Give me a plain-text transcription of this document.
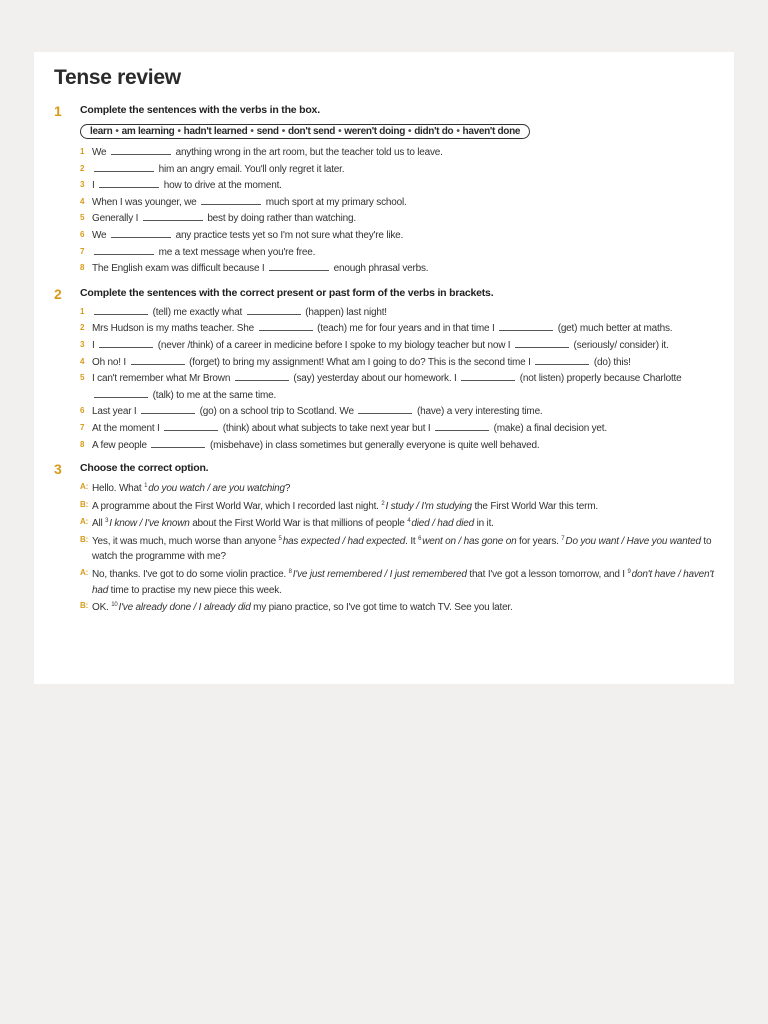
Tense review
1 Complete the sentences with the verbs in the box.

learn • am learning • hadn't learned • send • don't send • weren't doing • didn't do • haven't done
1 We	anything wrong in the art room, but the teacher told us to leave.
2	him an angry email. You'll only regret it later.
3 I	how to drive at the moment.
4 When I was younger, we	much sport at my primary school.
5 Generally I	best by doing rather than watching.
6 We	any practice tests yet so I'm not sure what they're like.
7	me a text message when you're free.
8 The English exam was difficult because I	enough phrasal verbs.
2 Complete the sentences with the correct present or past form of the verbs in brackets.

1	(tell) me exactly what	(happen) last night!
2 Mrs Hudson is my maths teacher. She	(teach) me for four years and in that time I	(get) much better at maths.
3 I	(never /think) of a career in medicine before I spoke to my biology teacher but now I	(seriously/ consider) it.
4 Oh no! I	(forget) to bring my assignment! What am I going to do? This is the second time I	(do) this!
5 I can't remember what Mr Brown	(say) yesterday about our homework. I	(not listen) properly because Charlotte  (talk) to me at the same time.
6 Last year I	(go) on a school trip to Scotland. We	(have) a very interesting time.
7 At the moment I	(think) about what subjects to take next year but I	(make) a final decision yet.
8 A few people	(misbehave) in class sometimes but generally everyone is quite well behaved.
3 Choose the correct option.

A: Hello. What $^1$do you watch / are you watching?
B: A programme about the First World War, which I recorded last night. $^2$I study / I'm studying the First World War this term.
A: All $^3$I know / I've known about the First World War is that millions of people $^4$died / had died in it.
B: Yes, it was much, much worse than anyone $^5$has expected / had expected. It $^6$went on / has gone on for years. $^7$Do you want / Have you wanted to watch the programme with me?
A: No, thanks. I've got to do some violin practice. $^8$I've just remembered / I just remembered that I've got a lesson tomorrow, and I $^9$don't have / haven't had time to practise my new piece this week.
B: OK. $^{10}$I've already done / I already did my piano practice, so I've got time to watch TV. See you later.
